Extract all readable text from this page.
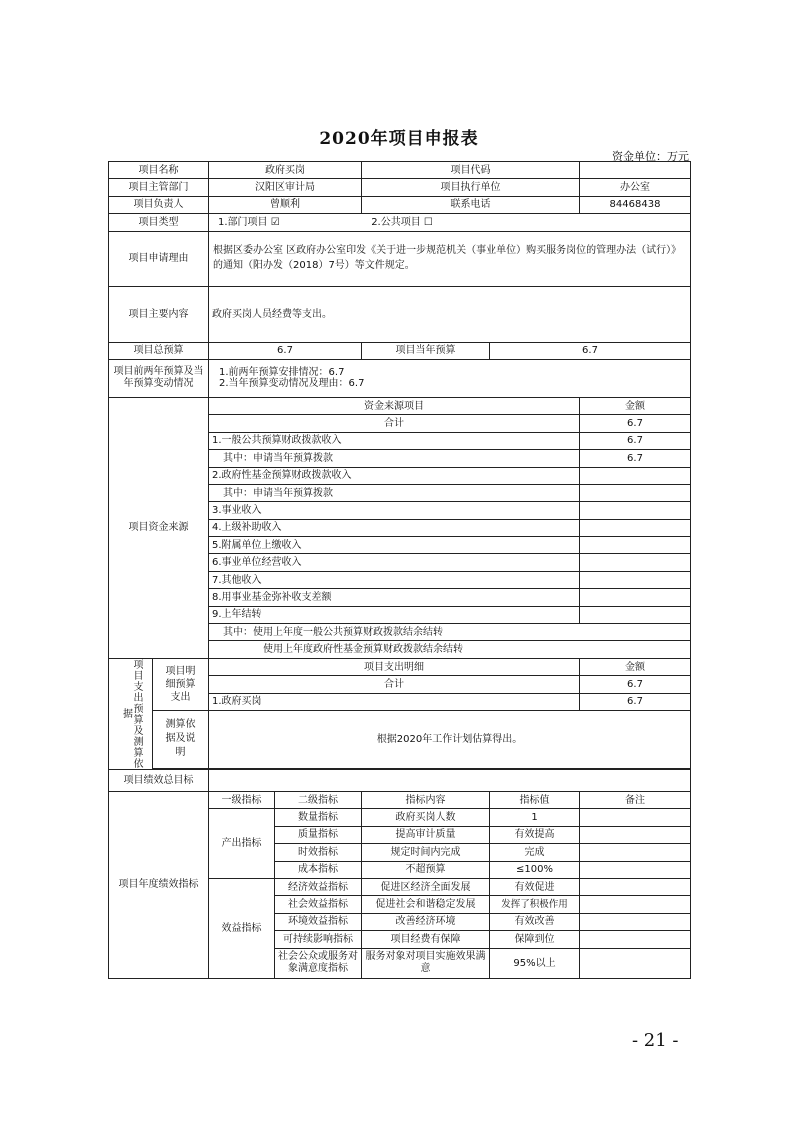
2020年项目申报表
资金单位：万元
项目名称		政府买岗		项目代码		
项目主管部门		汉阳区审计局		项目执行单位		办公室
项目负责人		曾顺利		联系电话		84468438
项目类型		1.部门项目 ☑ 2.公共项目 ☐				
项目申请理由		根据区委办公室 区政府办公室印发《关于进一步规范机关（事业单位）购买服务岗位的管理办法（试行）》的通知（阳办发（2018）7号）等文件规定。				
项目主要内容		政府买岗人员经费等支出。				
项目总预算		6.7		项目当年预算	6.7	
项目前两年预算及当年预算变动情况		1.前两年预算安排情况：6.7
2.当年预算变动情况及理由：6.7				

项目资金来源		资金来源项目				金额
		合计				6.7
		1.一般公共预算财政拨款收入				6.7
		其中：申请当年预算拨款				6.7
		2.政府性基金预算财政拨款收入				
		其中：申请当年预算拨款				
		3.事业收入				
		4.上级补助收入				
		5.附属单位上缴收入				
		6.事业单位经营收入				
		7.其他收入				
		8.用事业基金弥补收支差额				
		9.上年结转				
		其中：使用上年度一般公共预算财政拨款结余结转				
		使用上年度政府性基金预算财政拨款结余结转				

项目支出预算及测算依据	项目明细预算支出	项目支出明细				金额
		合计				6.7
		1.政府买岗				6.7
	测算依据及说明	根据2020年工作计划估算得出。				

项目绩效总目标						
项目年度绩效指标		一级指标	二级指标	指标内容	指标值	备注
		产出指标	数量指标	政府买岗人数	1	
			质量指标	提高审计质量	有效提高	
			时效指标	规定时间内完成	完成	
			成本指标	不超预算	≤100%	
		效益指标	经济效益指标	促进区经济全面发展	有效促进	
			社会效益指标	促进社会和谐稳定发展	发挥了积极作用	
			环境效益指标	改善经济环境	有效改善	
			可持续影响指标	项目经费有保障	保障到位	
			社会公众或服务对象满意度指标	服务对象对项目实施效果满意	95%以上	
- 21 -
